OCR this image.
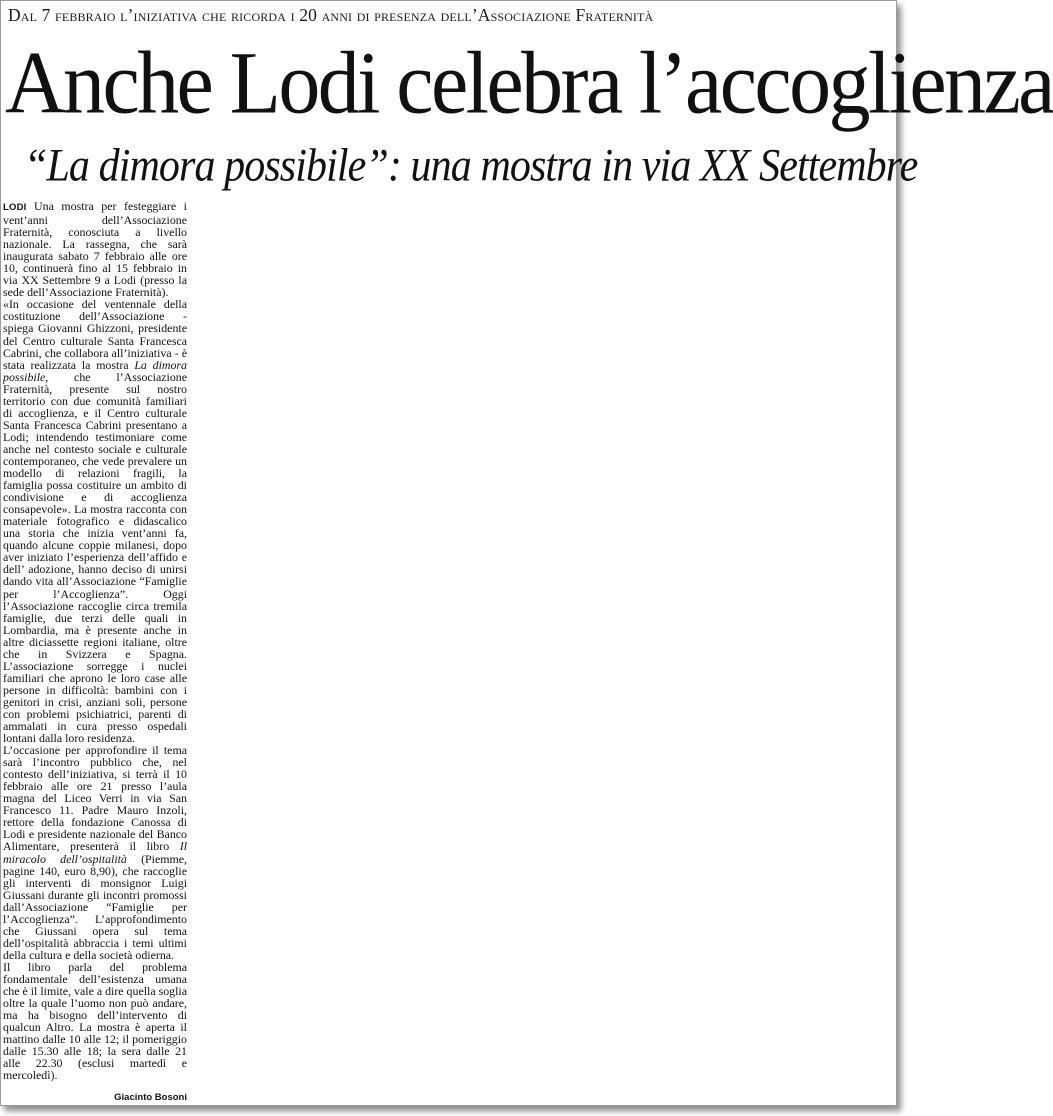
Dal 7 febbraio l’iniziativa che ricorda i 20 anni di presenza dell’Associazione Fraternità
Anche Lodi celebra l’accoglienza
“La dimora possibile”: una mostra in via XX Settembre

LODI Una mostra per festeggiare i vent’anni dell’Associazione Fraternità, conosciuta a livello nazionale. La rassegna, che sarà inaugurata sabato 7 febbraio alle ore 10, continuerà fino al 15 febbraio in via XX Settembre 9 a Lodi (presso la sede dell’Associazione Fraternità).

«In occasione del ventennale della costituzione dell’Associazione - spiega Giovanni Ghizzoni, presidente del Centro culturale Santa Francesca Cabrini, che collabora all’iniziativa - è stata realizzata la mostra La dimora possibile, che l’Associazione Fraternità, presente sul nostro territorio con due comunità familiari di accoglienza, e il Centro culturale Santa Francesca Cabrini presentano a Lodi; intendendo testimoniare come anche nel contesto sociale e culturale contemporaneo, che vede prevalere un modello di relazioni fragili, la famiglia possa costituire un ambito di condivisione e di accoglienza consapevole». La mostra racconta con materiale fotografico e didascalico una storia che inizia vent’anni fa, quando alcune coppie milanesi, dopo aver iniziato l’esperienza dell’affido e dell’ adozione, hanno deciso di unirsi dando vita all’Associazione “Famiglie per l’Accoglienza”. Oggi l’Associazione raccoglie circa tremila famiglie, due terzi delle quali in Lombardia, ma è presente anche in altre diciassette regioni italiane, oltre che in Svizzera e Spagna. L’associazione sorregge i nuclei familiari che aprono le loro case alle persone in difficoltà: bambini con i genitori in crisi, anziani soli, persone con problemi psichiatrici, parenti di ammalati in cura presso ospedali lontani dalla loro residenza.

L’occasione per approfondire il tema sarà l’incontro pubblico che, nel contesto dell’iniziativa, si terrà il 10 febbraio alle ore 21 presso l’aula magna del Liceo Verri in via San Francesco 11. Padre Mauro Inzoli, rettore della fondazione Canossa di Lodi e presidente nazionale del Banco Alimentare, presenterà il libro Il miracolo dell’ospitalità (Piemme, pagine 140, euro 8,90), che raccoglie gli interventi di monsignor Luigi Giussani durante gli incontri promossi dall’Associazione “Famiglie per l’Accoglienza”. L’approfondimento che Giussani opera sul tema dell’ospitalità abbraccia i temi ultimi della cultura e della società odierna.

Il libro parla del problema fondamentale dell’esistenza umana che è il limite, vale a dire quella soglia oltre la quale l’uomo non può andare, ma ha bisogno dell’intervento di qualcun Altro. La mostra è aperta il mattino dalle 10 alle 12; il pomeriggio dalle 15.30 alle 18; la sera dalle 21 alle 22.30 (esclusi martedì e mercoledì).

Giacinto Bosoni
